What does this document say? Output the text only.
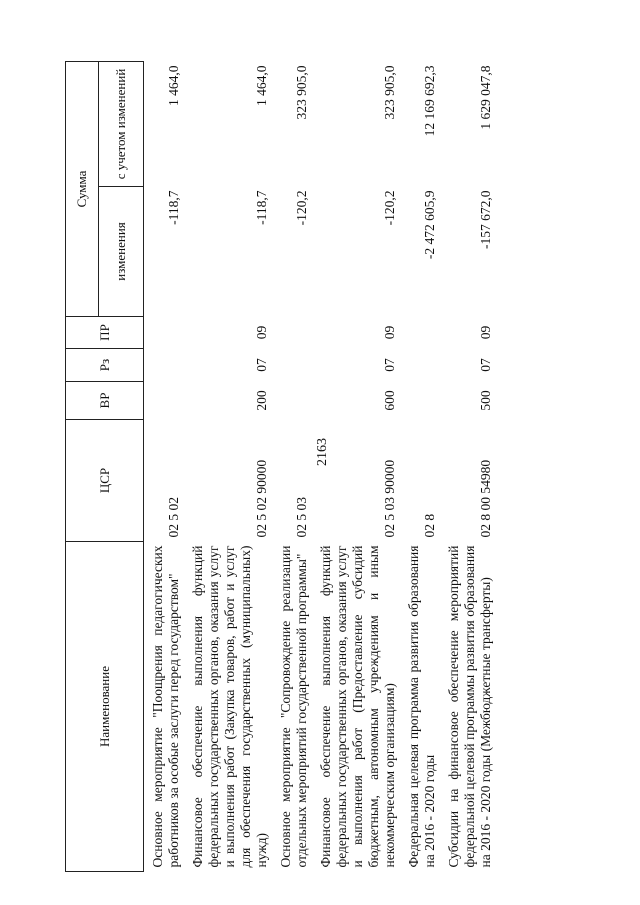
2163
Наименование	ЦСР	ВР	Рз	ПР	Сумма	
					изменения	с учетом изменений
Основное мероприятие "Поощрения педагогических работников за особые заслуги перед государством"	02 5 02				-118,7	1 464,0
Финансовое обеспечение выполнения функций федеральных государственных органов, оказания услуг и выполнения работ (Закупка товаров, работ и услуг для обеспечения государственных (муниципальных) нужд)	02 5 02 90000	200	07	09	-118,7	1 464,0
Основное мероприятие "Сопровождение реализации отдельных мероприятий государственной программы"	02 5 03				-120,2	323 905,0
Финансовое обеспечение выполнения функций федеральных государственных органов, оказания услуг и выполнения работ (Предоставление субсидий бюджетным, автономным учреждениям и иным некоммерческим организациям)	02 5 03 90000	600	07	09	-120,2	323 905,0
Федеральная целевая программа развития образования на 2016 - 2020 годы	02 8				-2 472 605,9	12 169 692,3
Субсидии на финансовое обеспечение мероприятий федеральной целевой программы развития образования на 2016 - 2020 годы (Межбюджетные трансферты)	02 8 00 54980	500	07	09	-157 672,0	1 629 047,8
